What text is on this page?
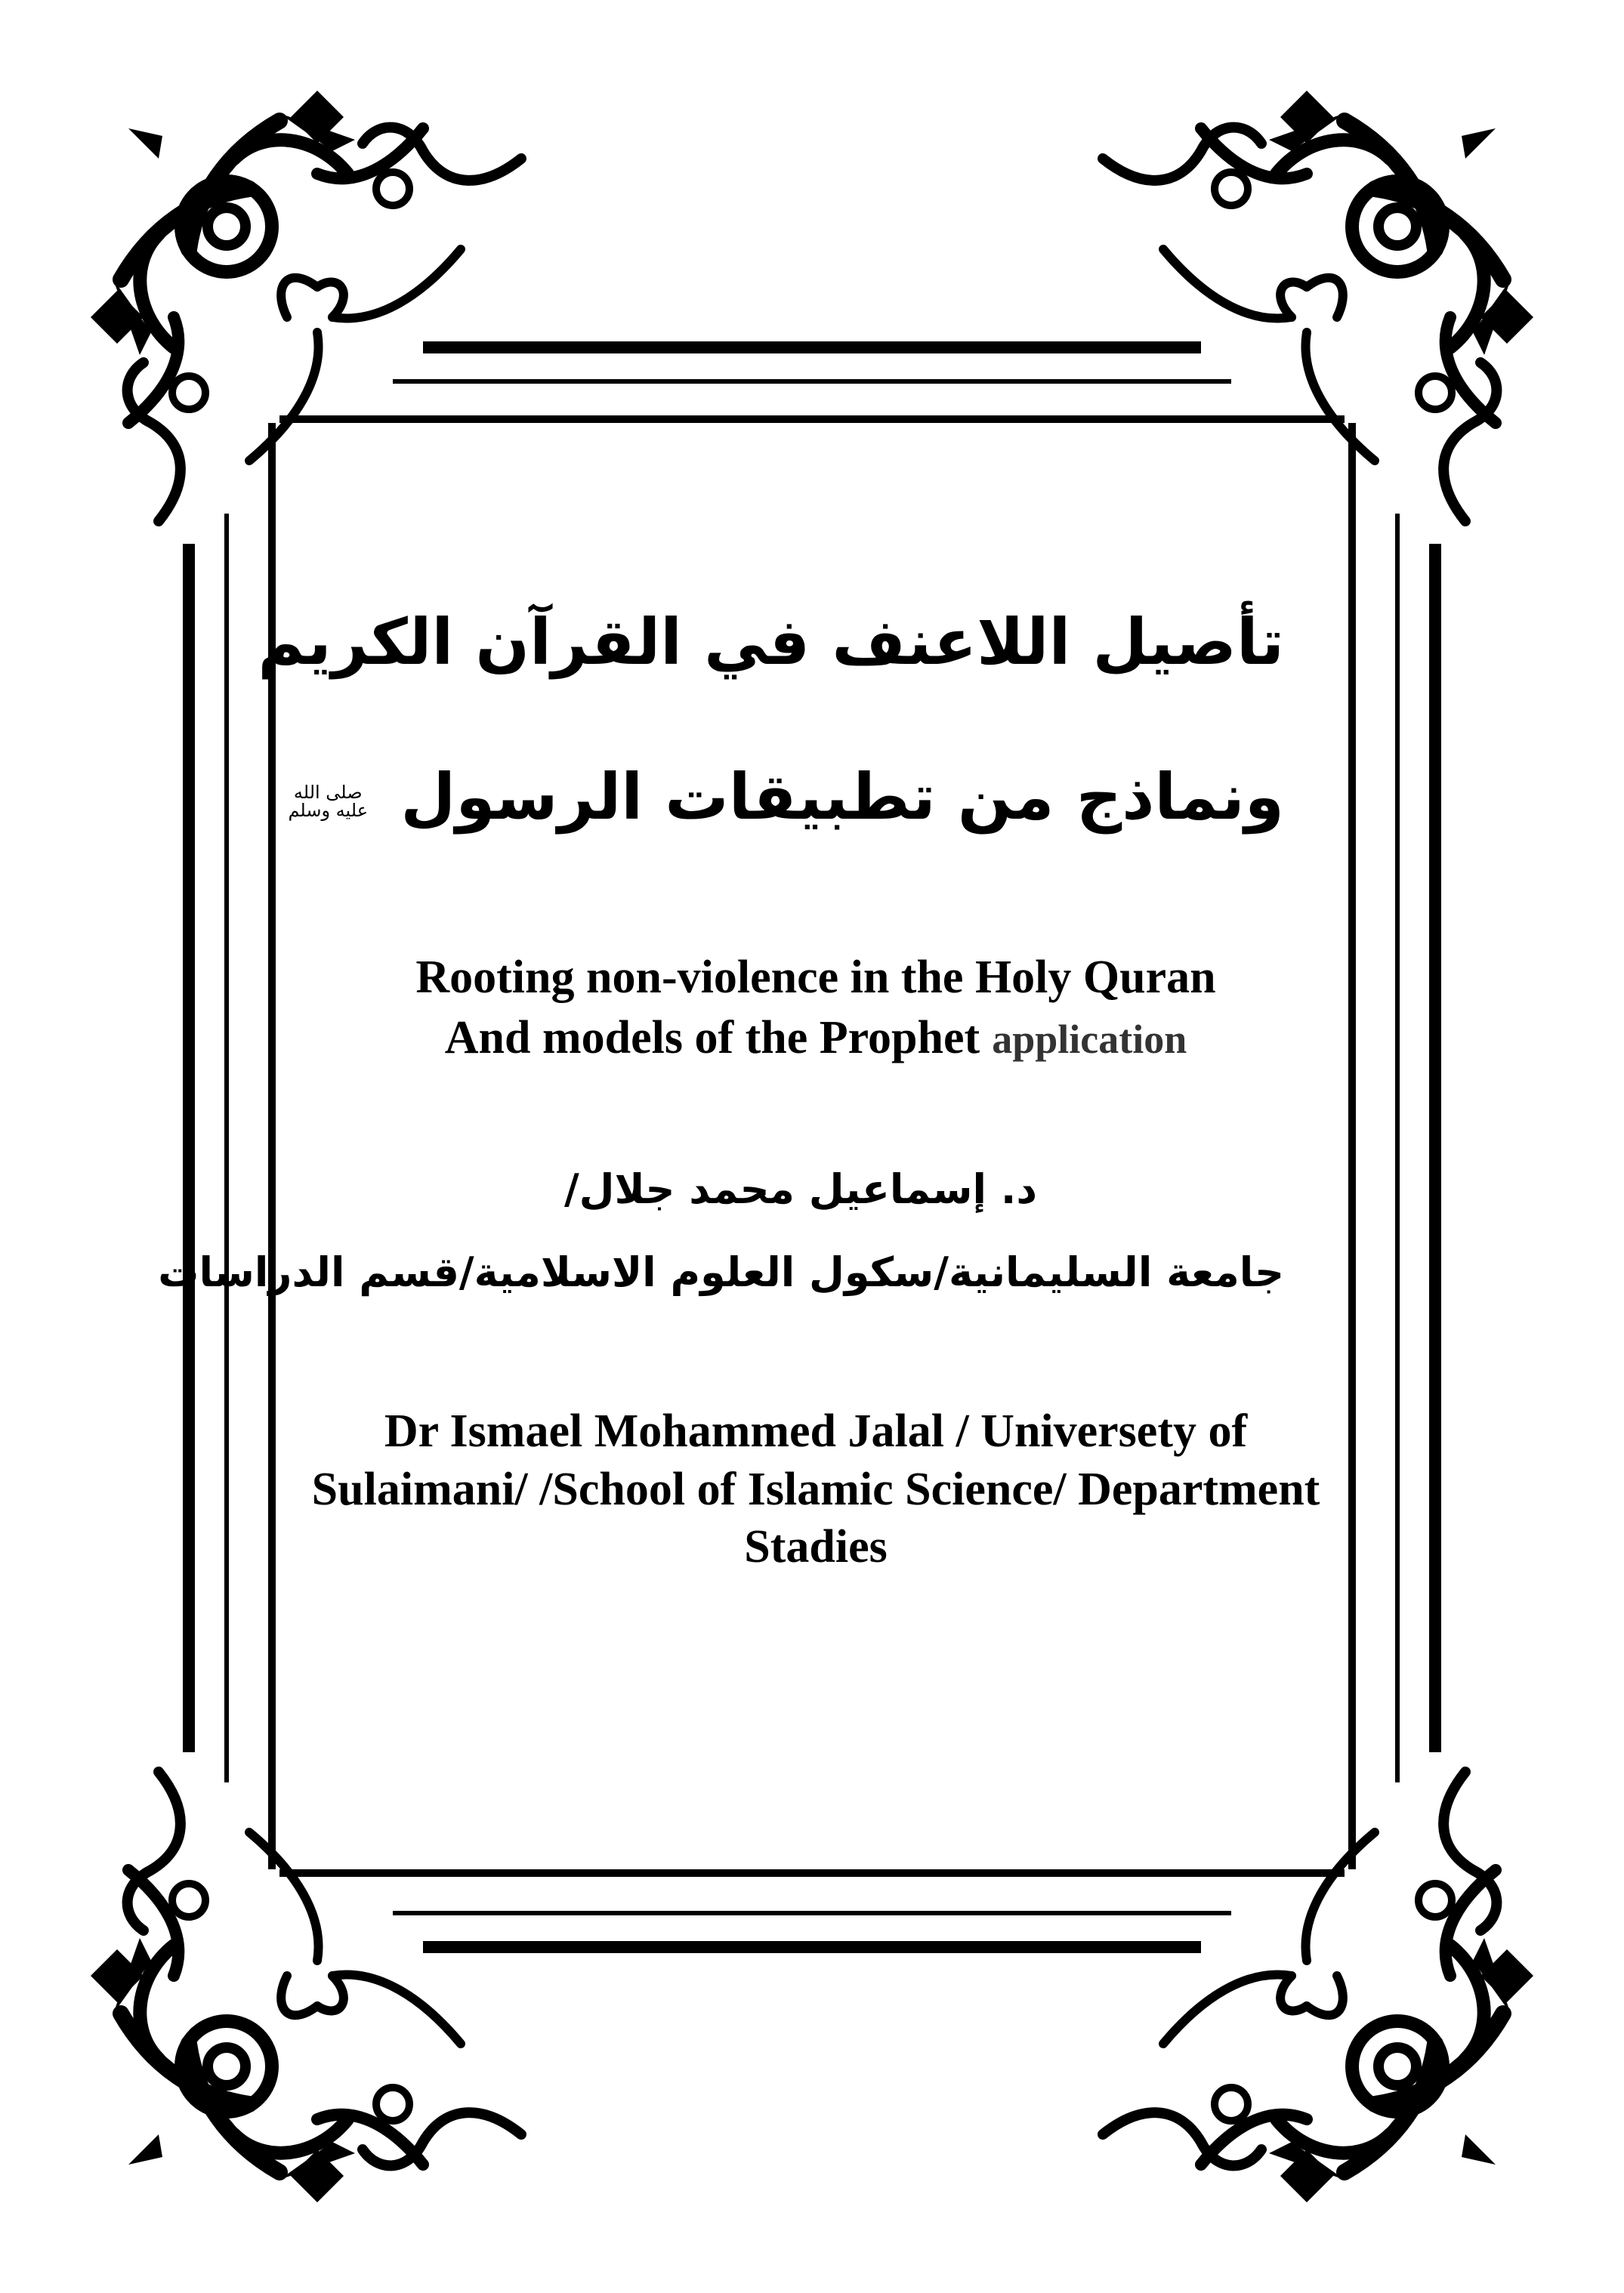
تأصيل اللاعنف في القرآن الكريم
ونماذج من تطبيقات الرسول
صلى الله
عليه وسلم
Rooting non-violence in the Holy Quran
And models of the Prophet application
د. إسماعيل محمد جلال/
جامعة السليمانية/سكول العلوم الاسلامية/قسم الدراسات
Dr Ismael Mohammed Jalal / Universety of
Sulaimani/ /School of Islamic Science/ Department
Stadies
